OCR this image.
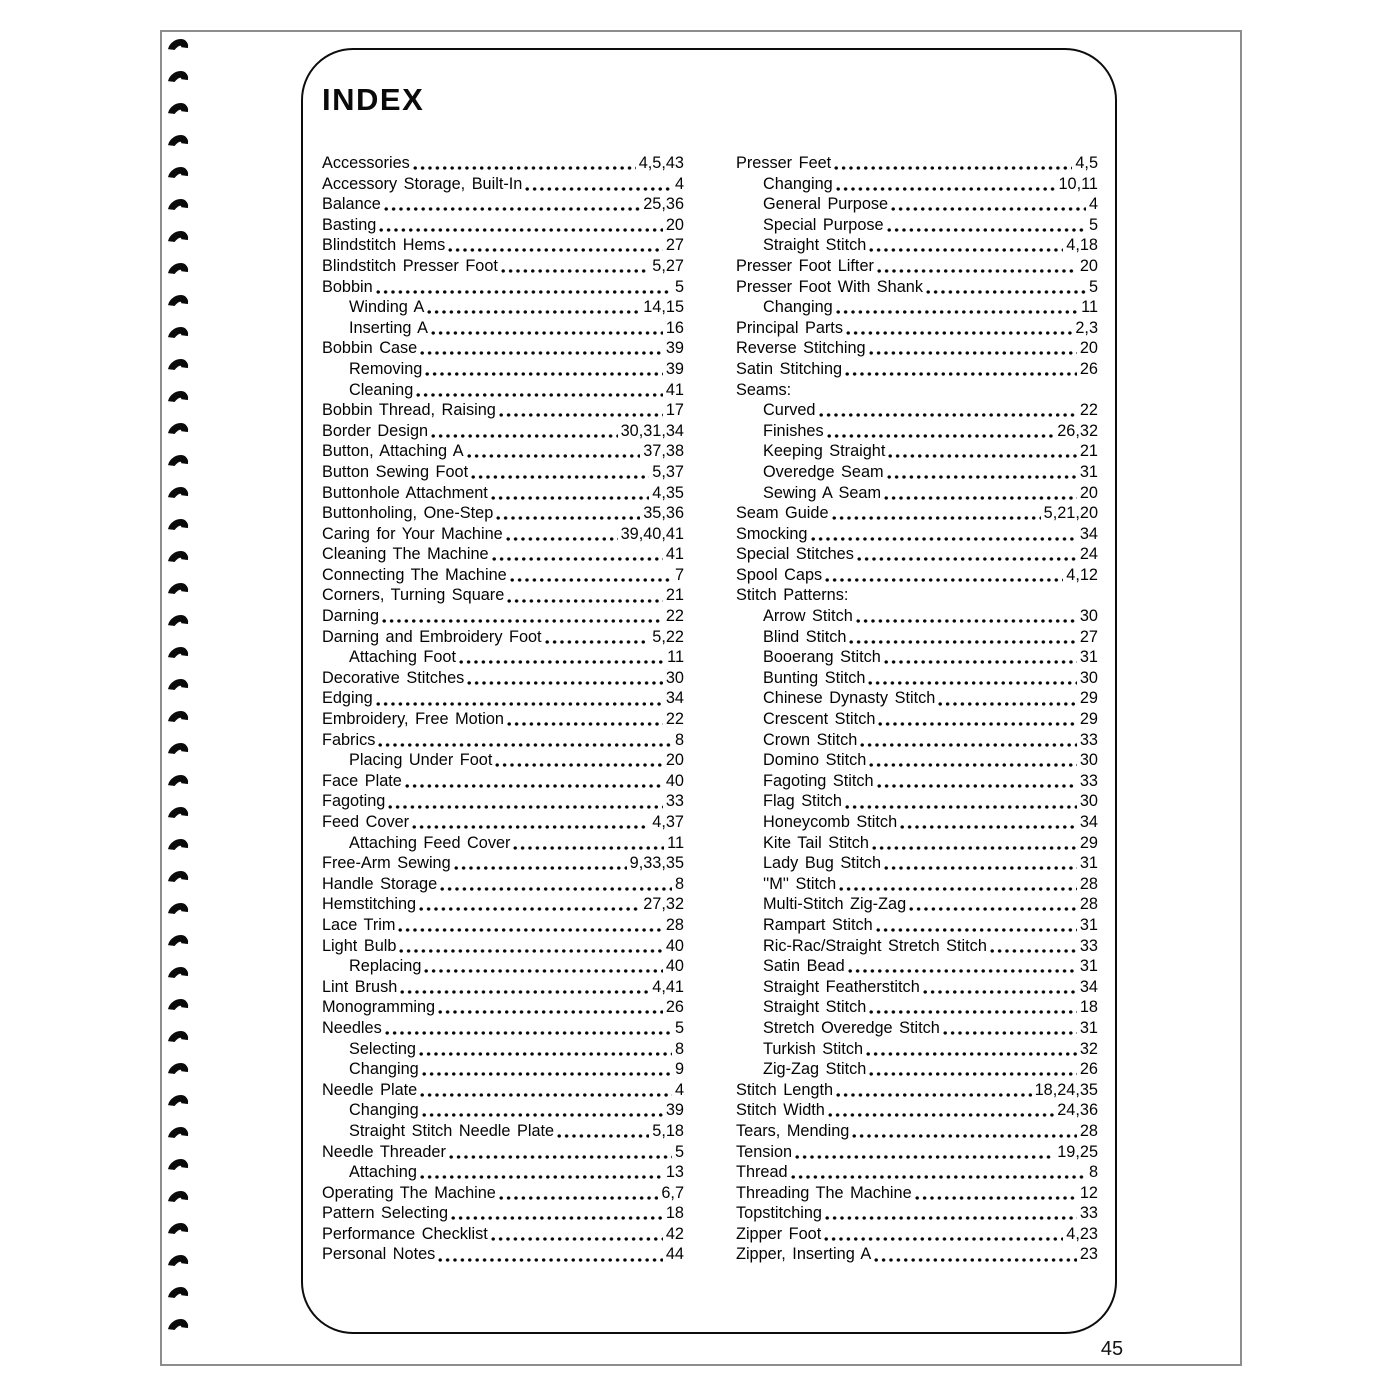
INDEX
Accessories	4,5,43
Accessory Storage, Built-In	4
Balance	25,36
Basting	20
Blindstitch Hems	27
Blindstitch Presser Foot	5,27
Bobbin	5
Winding A	14,15
Inserting A	16
Bobbin Case	39
Removing	39
Cleaning	41
Bobbin Thread, Raising	17
Border Design	30,31,34
Button, Attaching A	37,38
Button Sewing Foot	5,37
Buttonhole Attachment	4,35
Buttonholing, One-Step	35,36
Caring for Your Machine	39,40,41
Cleaning The Machine	41
Connecting The Machine	7
Corners, Turning Square	21
Darning	22
Darning and Embroidery Foot	5,22
Attaching Foot	11
Decorative Stitches	30
Edging	34
Embroidery, Free Motion	22
Fabrics	8
Placing Under Foot	20
Face Plate	40
Fagoting	33
Feed Cover	4,37
Attaching Feed Cover	11
Free-Arm Sewing	9,33,35
Handle Storage	8
Hemstitching	27,32
Lace Trim	28
Light Bulb	40
Replacing	40
Lint Brush	4,41
Monogramming	26
Needles	5
Selecting	8
Changing	9
Needle Plate	4
Changing	39
Straight Stitch Needle Plate	5,18
Needle Threader	5
Attaching	13
Operating The Machine	6,7
Pattern Selecting	18
Performance Checklist	42
Personal Notes	44
Presser Feet	4,5
Changing	10,11
General Purpose	4
Special Purpose	5
Straight Stitch	4,18
Presser Foot Lifter	20
Presser Foot With Shank	5
Changing	11
Principal Parts	2,3
Reverse Stitching	20
Satin Stitching	26
Seams:
Curved	22
Finishes	26,32
Keeping Straight	21
Overedge Seam	31
Sewing A Seam	20
Seam Guide	5,21,20
Smocking	34
Special Stitches	24
Spool Caps	4,12
Stitch Patterns:
Arrow Stitch	30
Blind Stitch	27
Booerang Stitch	31
Bunting Stitch	30
Chinese Dynasty Stitch	29
Crescent Stitch	29
Crown Stitch	33
Domino Stitch	30
Fagoting Stitch	33
Flag Stitch	30
Honeycomb Stitch	34
Kite Tail Stitch	29
Lady Bug Stitch	31
''M'' Stitch	28
Multi-Stitch Zig-Zag	28
Rampart Stitch	31
Ric-Rac/Straight Stretch Stitch	33
Satin Bead	31
Straight Featherstitch	34
Straight Stitch	18
Stretch Overedge Stitch	31
Turkish Stitch	32
Zig-Zag Stitch	26
Stitch Length	18,24,35
Stitch Width	24,36
Tears, Mending	28
Tension	19,25
Thread	8
Threading The Machine	12
Topstitching	33
Zipper Foot	4,23
Zipper, Inserting A	23
45
